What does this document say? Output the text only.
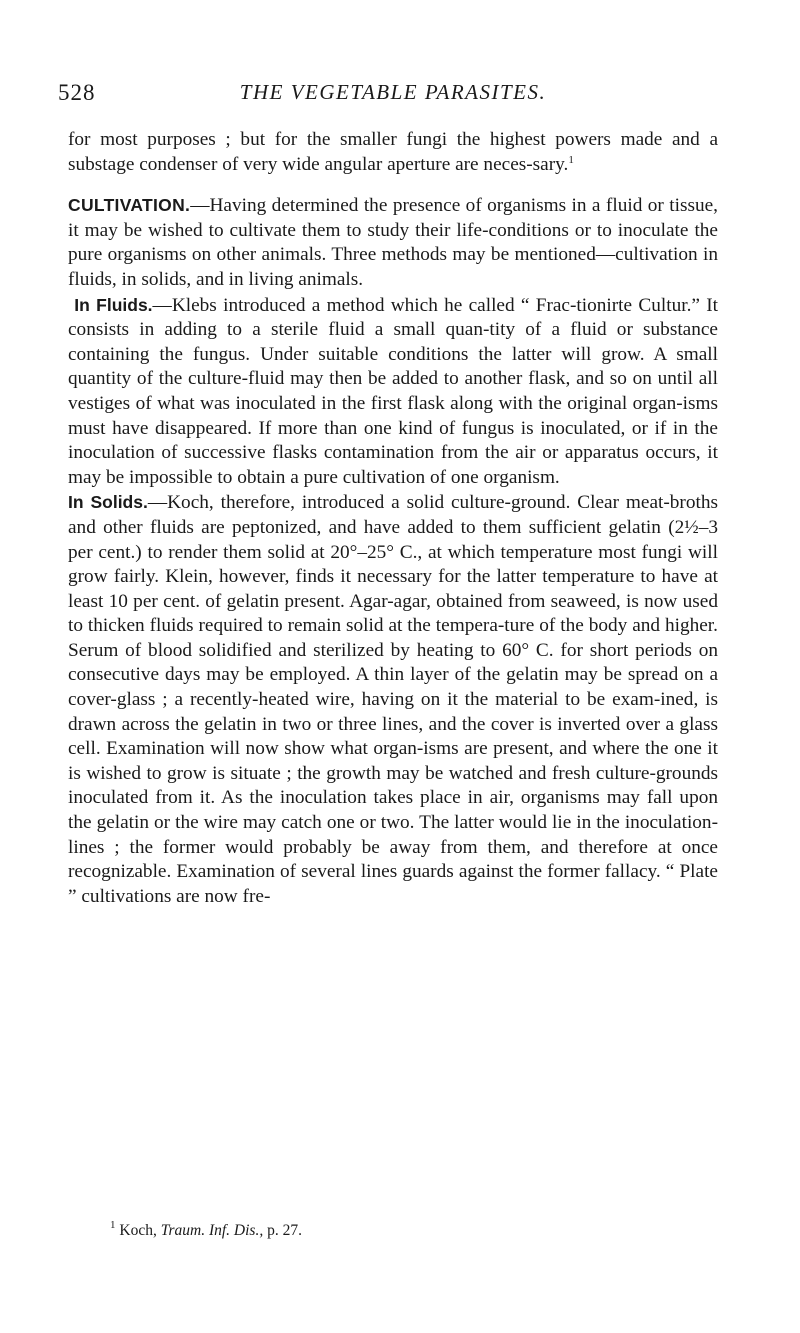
528	THE VEGETABLE PARASITES.

for most purposes ; but for the smaller fungi the highest powers made and a substage condenser of very wide angular aperture are neces-sary.$^1$

CULTIVATION.—Having determined the presence of organisms in a fluid or tissue, it may be wished to cultivate them to study their life-conditions or to inoculate the pure organisms on other animals. Three methods may be mentioned—cultivation in fluids, in solids, and in living animals.

In Fluids.—Klebs introduced a method which he called “ Frac-tionirte Cultur.” It consists in adding to a sterile fluid a small quan-tity of a fluid or substance containing the fungus. Under suitable conditions the latter will grow. A small quantity of the culture-fluid may then be added to another flask, and so on until all vestiges of what was inoculated in the first flask along with the original organ-isms must have disappeared. If more than one kind of fungus is inoculated, or if in the inoculation of successive flasks contamination from the air or apparatus occurs, it may be impossible to obtain a pure cultivation of one organism.

In Solids.—Koch, therefore, introduced a solid culture-ground. Clear meat-broths and other fluids are peptonized, and have added to them sufficient gelatin (2½–3 per cent.) to render them solid at 20°–25° C., at which temperature most fungi will grow fairly. Klein, however, finds it necessary for the latter temperature to have at least 10 per cent. of gelatin present. Agar-agar, obtained from seaweed, is now used to thicken fluids required to remain solid at the tempera-ture of the body and higher. Serum of blood solidified and sterilized by heating to 60° C. for short periods on consecutive days may be employed. A thin layer of the gelatin may be spread on a cover-glass ; a recently-heated wire, having on it the material to be exam-ined, is drawn across the gelatin in two or three lines, and the cover is inverted over a glass cell. Examination will now show what organ-isms are present, and where the one it is wished to grow is situate ; the growth may be watched and fresh culture-grounds inoculated from it. As the inoculation takes place in air, organisms may fall upon the gelatin or the wire may catch one or two. The latter would lie in the inoculation-lines ; the former would probably be away from them, and therefore at once recognizable. Examination of several lines guards against the former fallacy. “ Plate ” cultivations are now fre-

$^1$ Koch, Traum. Inf. Dis., p. 27.
